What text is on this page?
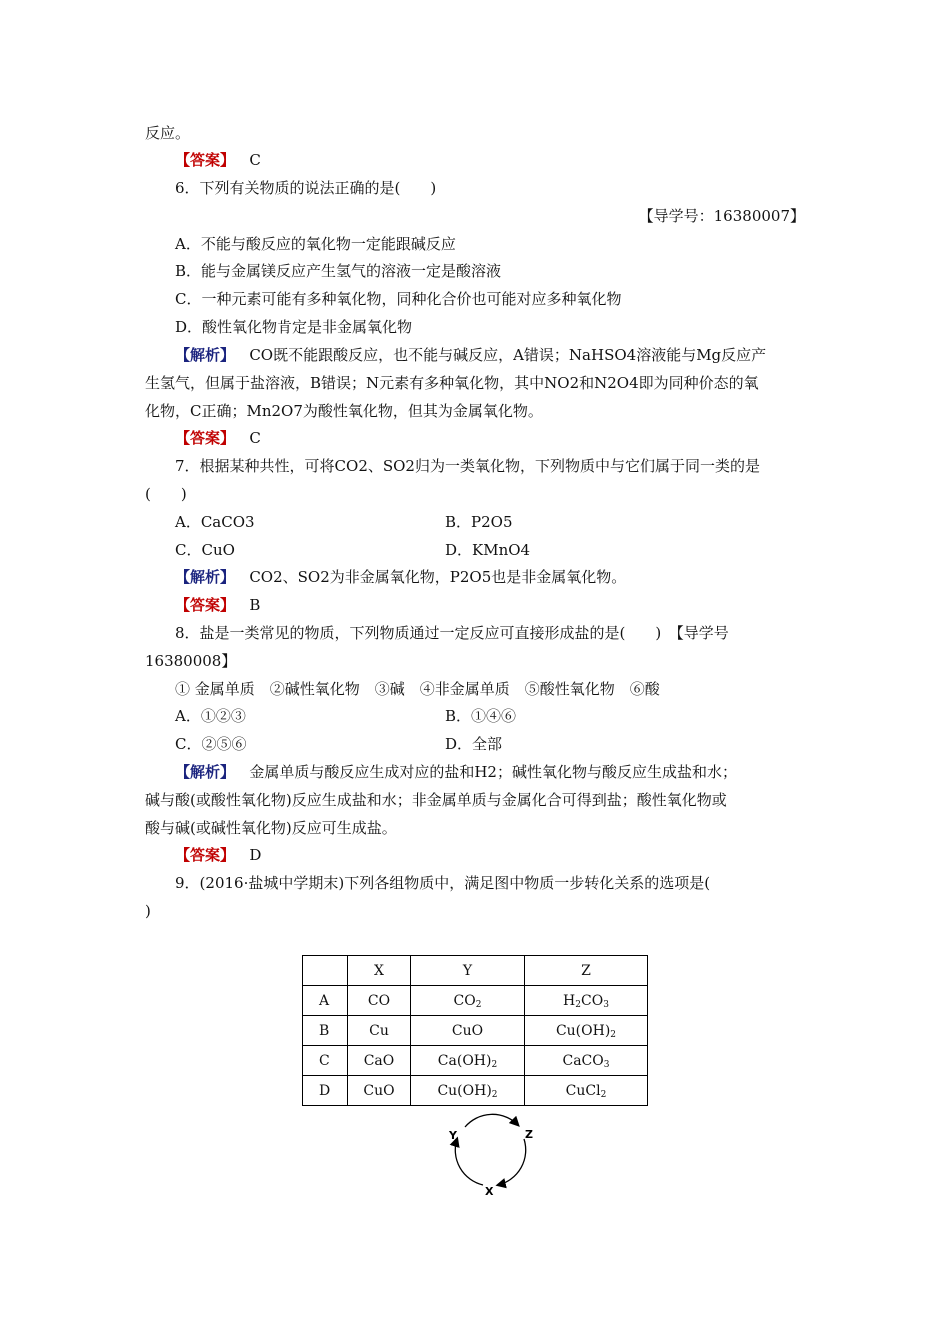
反应。
【答案】 C
6．下列有关物质的说法正确的是(　　)
【导学号：16380007】
A．不能与酸反应的氧化物一定能跟碱反应
B．能与金属镁反应产生氢气的溶液一定是酸溶液
C．一种元素可能有多种氧化物，同种化合价也可能对应多种氧化物
D．酸性氧化物肯定是非金属氧化物
【解析】 CO既不能跟酸反应，也不能与碱反应，A错误；NaHSO4溶液能与Mg反应产
生氢气，但属于盐溶液，B错误；N元素有多种氧化物，其中NO2和N2O4即为同种价态的氧
化物，C正确；Mn2O7为酸性氧化物，但其为金属氧化物。
【答案】 C
7．根据某种共性，可将CO2、SO2归为一类氧化物，下列物质中与它们属于同一类的是
(　　)
A．CaCO3	B．P2O5
C．CuO	D．KMnO4
【解析】 CO2、SO2为非金属氧化物，P2O5也是非金属氧化物。
【答案】 B
8．盐是一类常见的物质，下列物质通过一定反应可直接形成盐的是(　　)　【导学号
16380008】
① 金属单质　②碱性氧化物　③碱　④非金属单质　⑤酸性氧化物　⑥酸
A．①②③	B．①④⑥
C．②⑤⑥	D．全部
【解析】 金属单质与酸反应生成对应的盐和H2；碱性氧化物与酸反应生成盐和水；
碱与酸(或酸性氧化物)反应生成盐和水；非金属单质与金属化合可得到盐；酸性氧化物或
酸与碱(或碱性氧化物)反应可生成盐。
【答案】 D
9．(2016·盐城中学期末)下列各组物质中，满足图中物质一步转化关系的选项是(
)
	X	Y	Z
A	CO	$CO_2$	$H_2CO_3$
B	Cu	CuO	$Cu(OH)_2$
C	CaO	$Ca(OH)_2$	CaCO$_3$
D	CuO	$Cu(OH)_2$	CuCl$_2$
Y	Z
X
